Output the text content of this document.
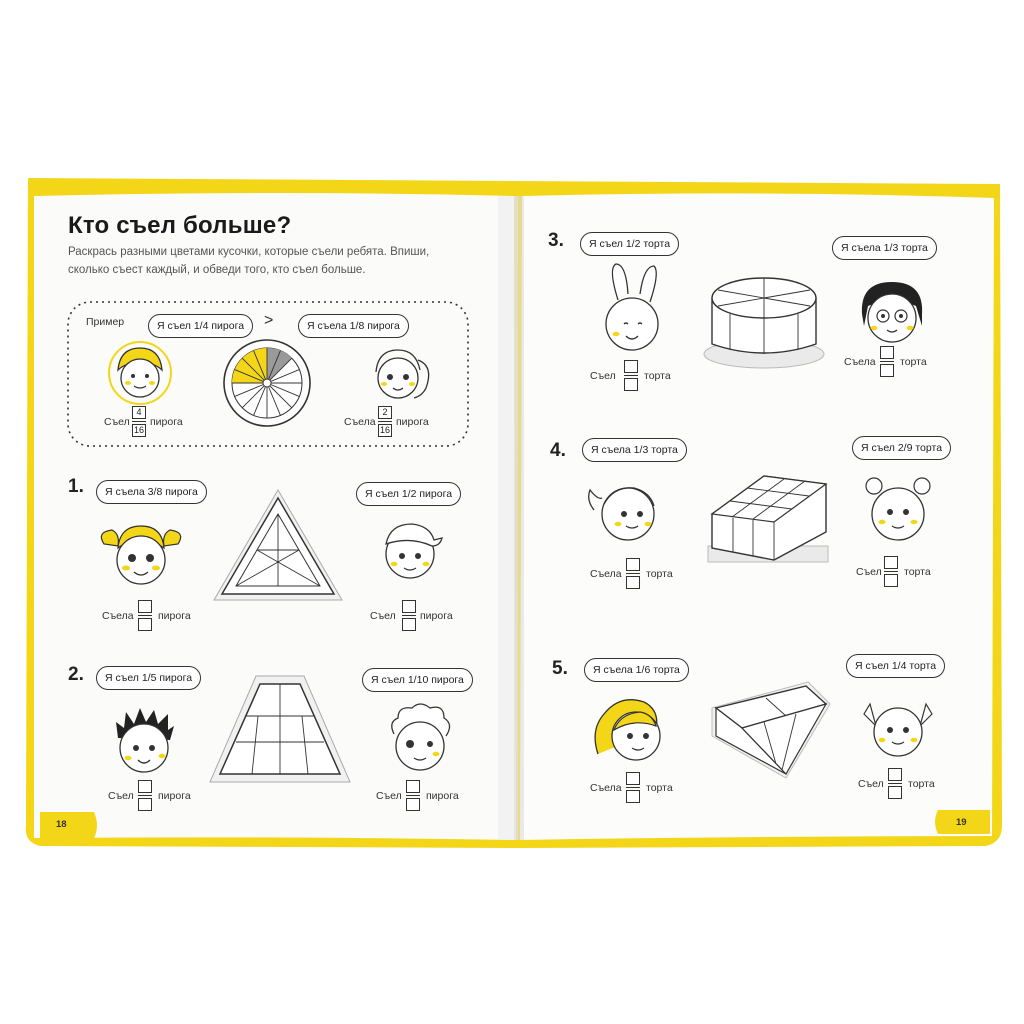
Кто съел больше?
Раскрась разными цветами кусочки, которые съели ребята. Впиши, сколько съест каждый, и обведи того, кто съел больше.
Пример	Я съел 1/4 пирога	>	Я съела 1/8 пирога
Съел $\frac{4}{16}$ пирога	Съела $\frac{2}{16}$ пирога
1.	Я съела 3/8 пирога	Я съел 1/2 пирога
Съела пирога	Съел пирога
2.	Я съел 1/5 пирога	Я съел 1/10 пирога
Съел пирога	Съел пирога
18
3.	Я съел 1/2 торта	Я съела 1/3 торта
Съел	торта
Съела торта
4.	Я съела 1/3 торта	Я съел 2/9 торта
Съела торта	Съел торта
5.	Я съела 1/6 торта	Я съел 1/4 торта
Съела торта	Съел торта
19
